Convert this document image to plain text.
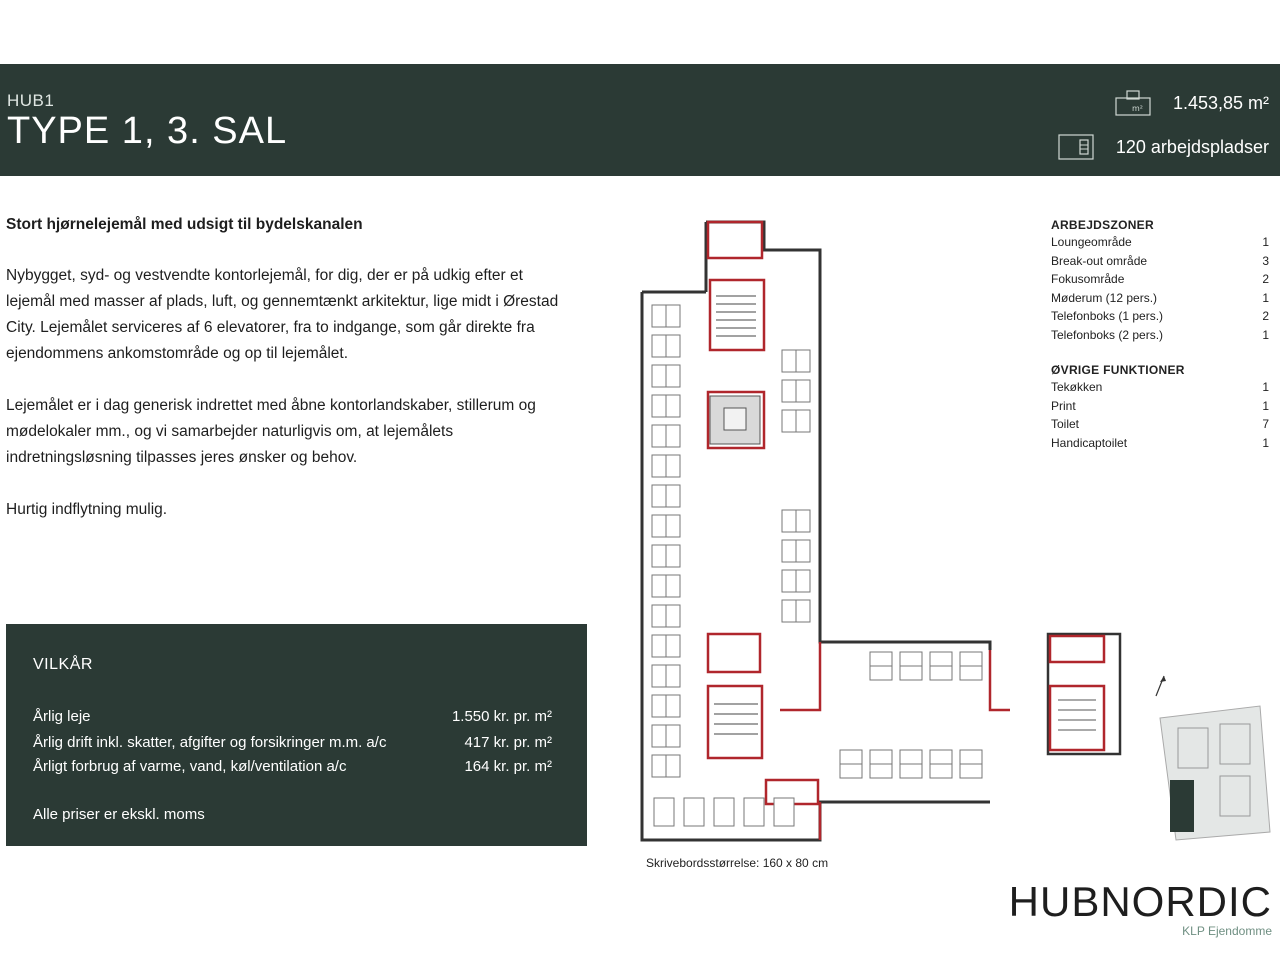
HUB1
TYPE 1, 3. SAL
m² 1.453,85 m²
120 arbejdspladser
Stort hjørnelejemål med udsigt til bydelskanalen

Nybygget, syd- og vestvendte kontorlejemål, for dig, der er på udkig efter et lejemål med masser af plads, luft, og gennemtænkt arkitektur, lige midt i Ørestad City. Lejemålet serviceres af 6 elevatorer, fra to indgange, som går direkte fra ejendommens ankomstområde og op til lejemålet.

Lejemålet er i dag generisk indrettet med åbne kontorlandskaber, stillerum og mødelokaler mm., og vi samarbejder naturligvis om, at lejemålets indretningsløsning tilpasses jeres ønsker og behov.

Hurtig indflytning mulig.

VILKÅR
Årlig leje	1.550 kr. pr. m²
Årlig drift inkl. skatter, afgifter og forsikringer m.m. a/c	417 kr. pr. m²
Årligt forbrug af varme, vand, køl/ventilation a/c	164 kr. pr. m²
Alle priser er ekskl. moms
Skrivebordsstørrelse: 160 x 80 cm
ARBEJDSZONER
Loungeområde	1
Break-out område	3
Fokusområde	2
Møderum (12 pers.)	1
Telefonboks (1 pers.)	2
Telefonboks (2 pers.)	1
ØVRIGE FUNKTIONER
Tekøkken	1
Print	1
Toilet	7
Handicaptoilet	1
HUBNORDIC
KLP Ejendomme
